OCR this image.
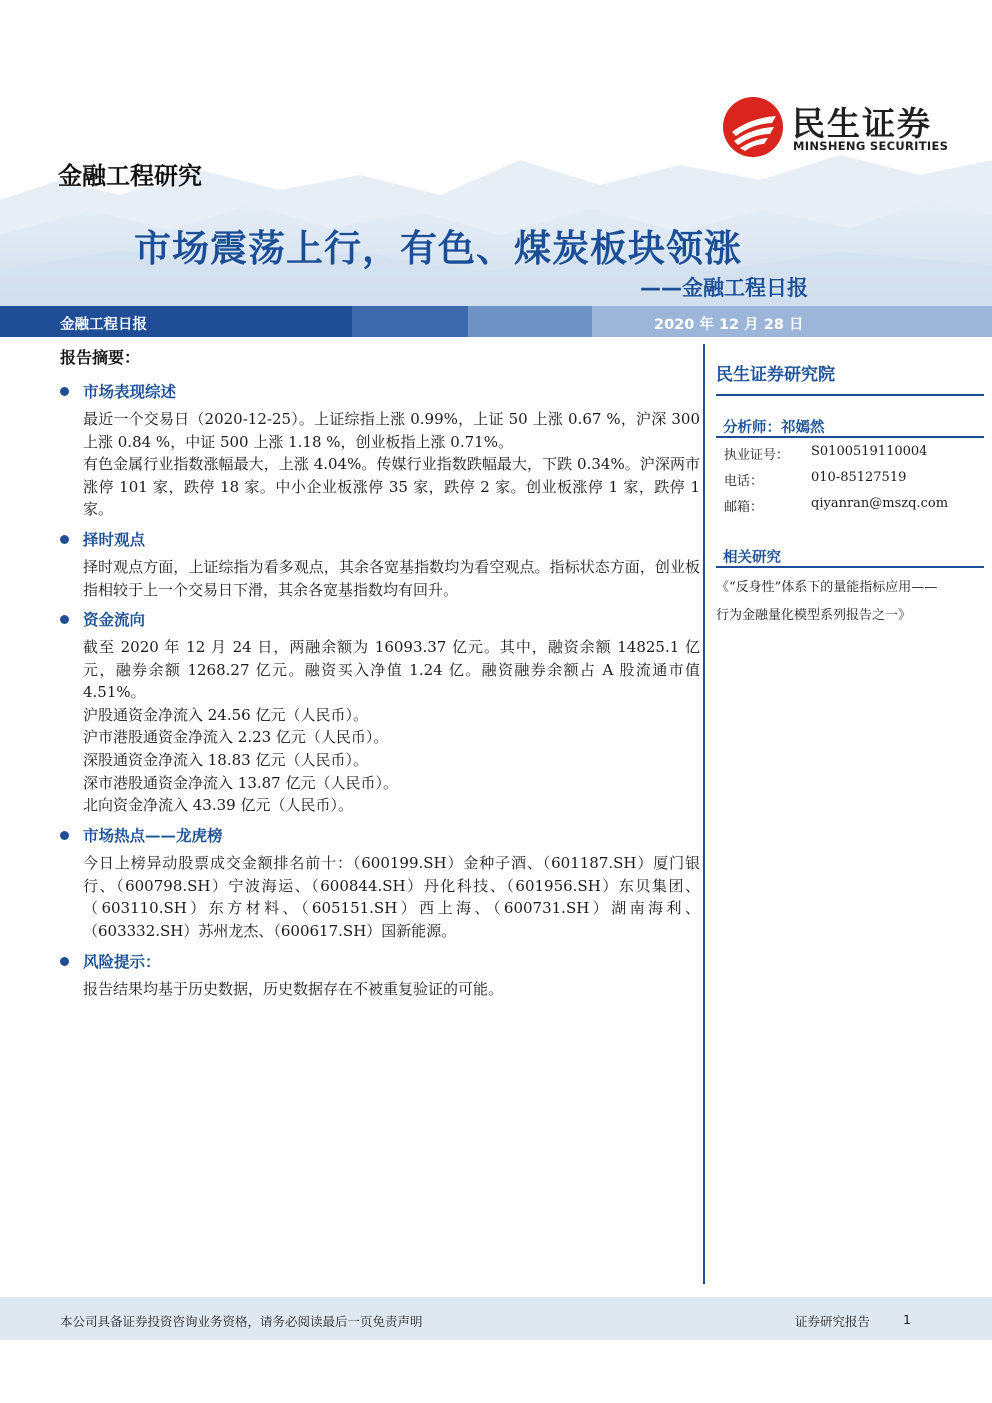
民生证券
MINSHENG SECURITIES
金融工程研究
市场震荡上行，有色、煤炭板块领涨
——金融工程日报
金融工程日报	2020 年 12 月 28 日
报告摘要：
市场表现综述

最近一个交易日（2020-12-25）。上证综指上涨 0.99%，上证 50 上涨 0.67 %，沪深 300 上涨 0.84 %，中证 500 上涨 1.18 %，创业板指上涨 0.71%。

有色金属行业指数涨幅最大，上涨 4.04%。传媒行业指数跌幅最大，下跌 0.34%。沪深两市涨停 101 家，跌停 18 家。中小企业板涨停 35 家，跌停 2 家。创业板涨停 1 家，跌停 1 家。

择时观点

择时观点方面，上证综指为看多观点，其余各宽基指数均为看空观点。指标状态方面，创业板指相较于上一个交易日下滑，其余各宽基指数均有回升。

资金流向

截至 2020 年 12 月 24 日，两融余额为 16093.37 亿元。其中，融资余额 14825.1 亿元，融券余额 1268.27 亿元。融资买入净值 1.24 亿。融资融券余额占 A 股流通市值 4.51%。

沪股通资金净流入 24.56 亿元（人民币）。

沪市港股通资金净流入 2.23 亿元（人民币）。

深股通资金净流入 18.83 亿元（人民币）。

深市港股通资金净流入 13.87 亿元（人民币）。

北向资金净流入 43.39 亿元（人民币）。

市场热点——龙虎榜

今日上榜异动股票成交金额排名前十：（600199.SH）金种子酒、（601187.SH）厦门银行、（600798.SH）宁波海运、（600844.SH）丹化科技、（601956.SH）东贝集团、（603110.SH）东方材料、（605151.SH）西上海、（600731.SH）湖南海利、（603332.SH）苏州龙杰、（600617.SH）国新能源。

风险提示：

报告结果均基于历史数据，历史数据存在不被重复验证的可能。

民生证券研究院
分析师：祁嫣然
执业证号： S0100519110004
电话：	010-85127519
邮箱：	qiyanran@mszq.com
相关研究
《“反身性”体系下的量能指标应用——
行为金融量化模型系列报告之一》
本公司具备证券投资咨询业务资格，请务必阅读最后一页免责声明	证券研究报告	1
